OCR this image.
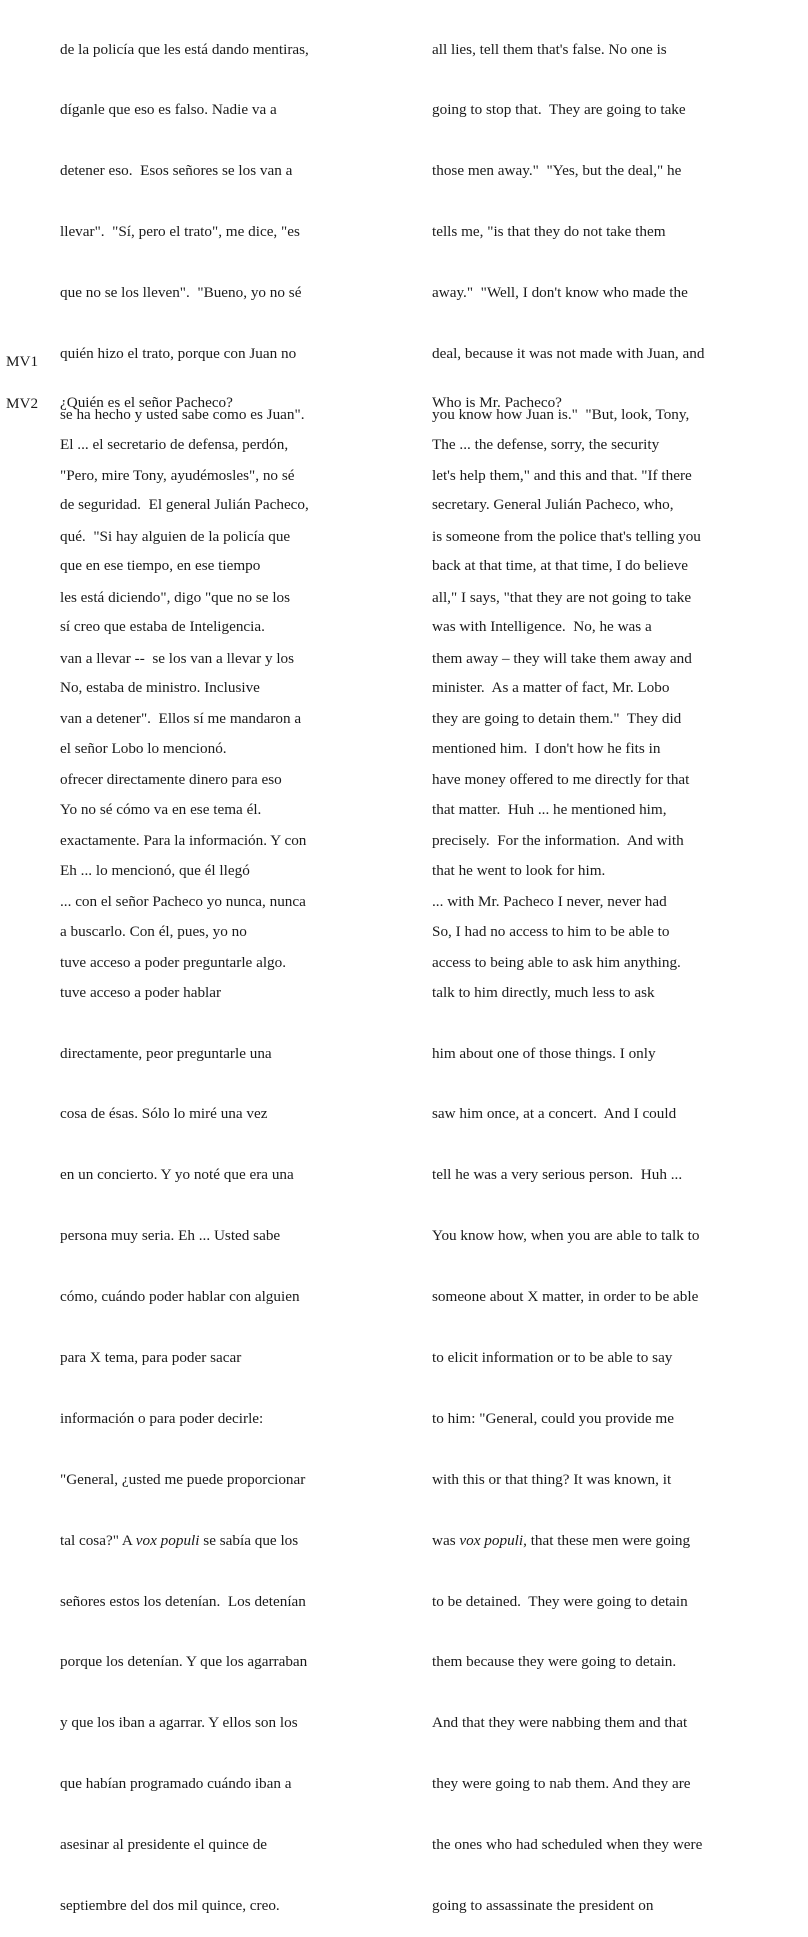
de la policía que les está dando mentiras,

díganle que eso es falso. Nadie va a

detener eso.  Esos señores se los van a

llevar".  "Sí, pero el trato", me dice, "es

que no se los lleven".  "Bueno, yo no sé

quién hizo el trato, porque con Juan no

se ha hecho y usted sabe como es Juan".

"Pero, mire Tony, ayudémosles", no sé

qué.  "Si hay alguien de la policía que

les está diciendo", digo "que no se los

van a llevar --  se los van a llevar y los

van a detener".  Ellos sí me mandaron a

ofrecer directamente dinero para eso

exactamente. Para la información. Y con

... con el señor Pacheco yo nunca, nunca

tuve acceso a poder preguntarle algo.

all lies, tell them that's false. No one is

going to stop that.  They are going to take

those men away."  "Yes, but the deal," he

tells me, "is that they do not take them

away."  "Well, I don't know who made the

deal, because it was not made with Juan, and

you know how Juan is."  "But, look, Tony,

let's help them," and this and that. "If there

is someone from the police that's telling you

all," I says, "that they are not going to take

them away – they will take them away and

they are going to detain them."  They did

have money offered to me directly for that

precisely.  For the information.  And with

... with Mr. Pacheco I never, never had

access to being able to ask him anything.

MV1

¿Quién es el señor Pacheco?

	Who is Mr. Pacheco?

MV2

El ... el secretario de defensa, perdón,

de seguridad.  El general Julián Pacheco,

que en ese tiempo, en ese tiempo

sí creo que estaba de Inteligencia.

No, estaba de ministro. Inclusive

el señor Lobo lo mencionó.

Yo no sé cómo va en ese tema él.

Eh ... lo mencionó, que él llegó

a buscarlo. Con él, pues, yo no

tuve acceso a poder hablar

directamente, peor preguntarle una

cosa de ésas. Sólo lo miré una vez

en un concierto. Y yo noté que era una

persona muy seria. Eh ... Usted sabe

cómo, cuándo poder hablar con alguien

para X tema, para poder sacar

información o para poder decirle:

"General, ¿usted me puede proporcionar

tal cosa?" A vox populi se sabía que los

señores estos los detenían.  Los detenían

porque los detenían. Y que los agarraban

y que los iban a agarrar. Y ellos son los

que habían programado cuándo iban a

asesinar al presidente el quince de

septiembre del dos mil quince, creo.

The ... the defense, sorry, the security

secretary. General Julián Pacheco, who,

back at that time, at that time, I do believe

was with Intelligence.  No, he was a

minister.  As a matter of fact, Mr. Lobo

mentioned him.  I don't how he fits in

that matter.  Huh ... he mentioned him,

that he went to look for him.

So, I had no access to him to be able to

talk to him directly, much less to ask

him about one of those things. I only

saw him once, at a concert.  And I could

tell he was a very serious person.  Huh ...

You know how, when you are able to talk to

someone about X matter, in order to be able

to elicit information or to be able to say

to him: "General, could you provide me

with this or that thing? It was known, it

was vox populi, that these men were going

to be detained.  They were going to detain

them because they were going to detain.

And that they were nabbing them and that

they were going to nab them. And they are

the ones who had scheduled when they were

going to assassinate the president on
